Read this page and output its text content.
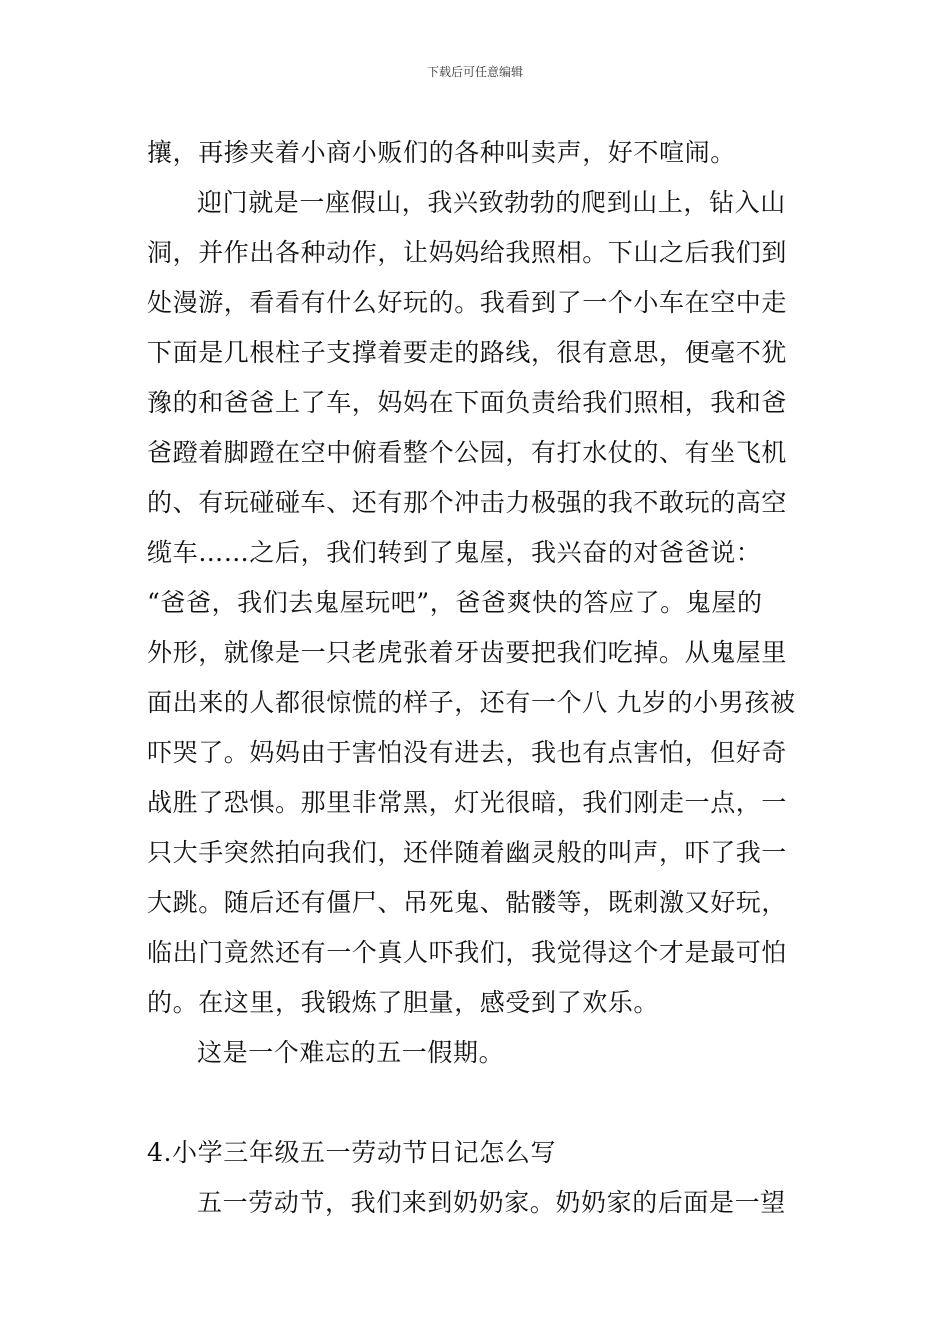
下载后可任意编辑
攘，再掺夹着小商小贩们的各种叫卖声，好不喧闹。
迎门就是一座假山，我兴致勃勃的爬到山上，钻入山
洞，并作出各种动作，让妈妈给我照相。下山之后我们到
处漫游，看看有什么好玩的。我看到了一个小车在空中走
下面是几根柱子支撑着要走的路线，很有意思，便毫不犹
豫的和爸爸上了车，妈妈在下面负责给我们照相，我和爸
爸蹬着脚蹬在空中俯看整个公园，有打水仗的、有坐飞机
的、有玩碰碰车、还有那个冲击力极强的我不敢玩的高空
缆车……之后，我们转到了鬼屋，我兴奋的对爸爸说：
“爸爸，我们去鬼屋玩吧”，爸爸爽快的答应了。鬼屋的
外形，就像是一只老虎张着牙齿要把我们吃掉。从鬼屋里
面出来的人都很惊慌的样子，还有一个八 九岁的小男孩被
吓哭了。妈妈由于害怕没有进去，我也有点害怕，但好奇
战胜了恐惧。那里非常黑，灯光很暗，我们刚走一点，一
只大手突然拍向我们，还伴随着幽灵般的叫声，吓了我一
大跳。随后还有僵尸、吊死鬼、骷髅等，既刺激又好玩，
临出门竟然还有一个真人吓我们，我觉得这个才是最可怕
的。在这里，我锻炼了胆量，感受到了欢乐。
这是一个难忘的五一假期。
4.小学三年级五一劳动节日记怎么写
五一劳动节，我们来到奶奶家。奶奶家的后面是一望
